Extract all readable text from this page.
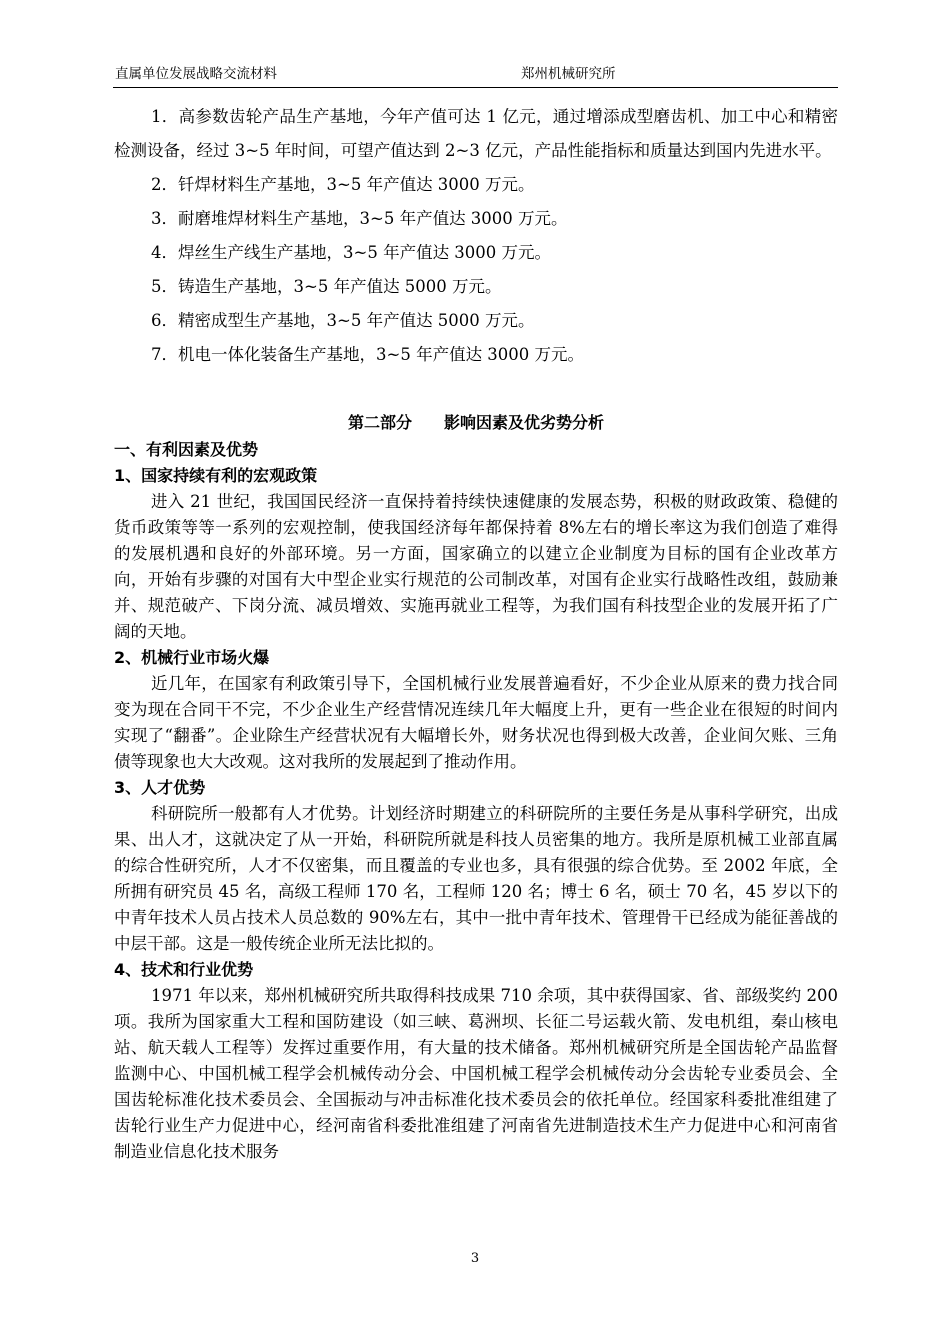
直属单位发展战略交流材料	郑州机械研究所

1．高参数齿轮产品生产基地，今年产值可达 1 亿元，通过增添成型磨齿机、加工中心和精密检测设备，经过 3~5 年时间，可望产值达到 2~3 亿元，产品性能指标和质量达到国内先进水平。

2．钎焊材料生产基地，3~5 年产值达 3000 万元。

3．耐磨堆焊材料生产基地，3~5 年产值达 3000 万元。

4．焊丝生产线生产基地，3~5 年产值达 3000 万元。

5．铸造生产基地，3~5 年产值达 5000 万元。

6．精密成型生产基地，3~5 年产值达 5000 万元。

7．机电一体化装备生产基地，3~5 年产值达 3000 万元。

第二部分　　影响因素及优劣势分析

一、有利因素及优势

1、国家持续有利的宏观政策

进入 21 世纪，我国国民经济一直保持着持续快速健康的发展态势，积极的财政政策、稳健的货币政策等等一系列的宏观控制，使我国经济每年都保持着 8%左右的增长率这为我们创造了难得的发展机遇和良好的外部环境。另一方面，国家确立的以建立企业制度为目标的国有企业改革方向，开始有步骤的对国有大中型企业实行规范的公司制改革，对国有企业实行战略性改组，鼓励兼并、规范破产、下岗分流、减员增效、实施再就业工程等，为我们国有科技型企业的发展开拓了广阔的天地。

2、机械行业市场火爆

近几年，在国家有利政策引导下，全国机械行业发展普遍看好，不少企业从原来的费力找合同变为现在合同干不完，不少企业生产经营情况连续几年大幅度上升，更有一些企业在很短的时间内实现了“翻番”。企业除生产经营状况有大幅增长外，财务状况也得到极大改善，企业间欠账、三角债等现象也大大改观。这对我所的发展起到了推动作用。

3、人才优势

科研院所一般都有人才优势。计划经济时期建立的科研院所的主要任务是从事科学研究，出成果、出人才，这就决定了从一开始，科研院所就是科技人员密集的地方。我所是原机械工业部直属的综合性研究所，人才不仅密集，而且覆盖的专业也多，具有很强的综合优势。至 2002 年底，全所拥有研究员 45 名，高级工程师 170 名，工程师 120 名；博士 6 名，硕士 70 名，45 岁以下的中青年技术人员占技术人员总数的 90%左右，其中一批中青年技术、管理骨干已经成为能征善战的中层干部。这是一般传统企业所无法比拟的。

4、技术和行业优势

1971 年以来，郑州机械研究所共取得科技成果 710 余项，其中获得国家、省、部级奖约 200 项。我所为国家重大工程和国防建设（如三峡、葛洲坝、长征二号运载火箭、发电机组，秦山核电站、航天载人工程等）发挥过重要作用，有大量的技术储备。郑州机械研究所是全国齿轮产品监督监测中心、中国机械工程学会机械传动分会、中国机械工程学会机械传动分会齿轮专业委员会、全国齿轮标准化技术委员会、全国振动与冲击标准化技术委员会的依托单位。经国家科委批准组建了齿轮行业生产力促进中心，经河南省科委批准组建了河南省先进制造技术生产力促进中心和河南省制造业信息化技术服务

3
